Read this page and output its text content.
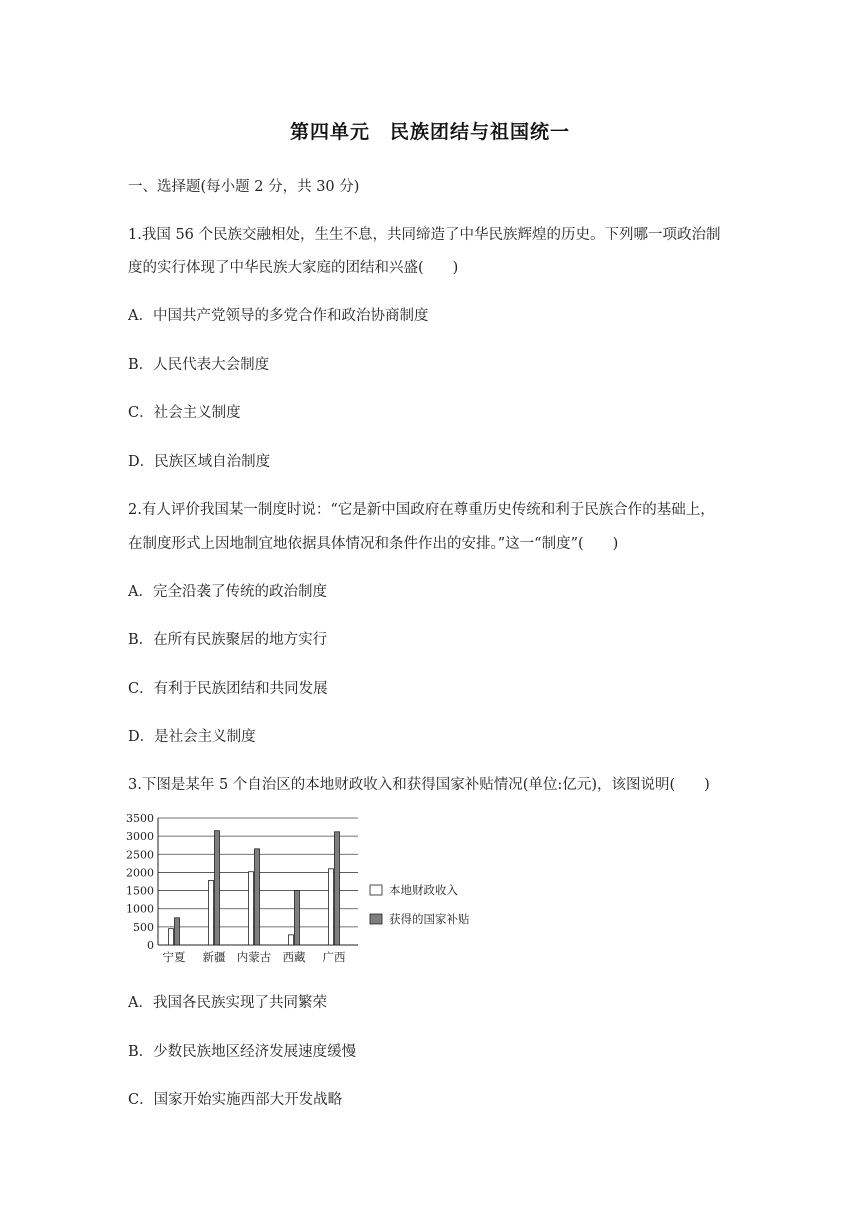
第四单元　民族团结与祖国统一
一、选择题(每小题 2 分，共 30 分)
1.我国 56 个民族交融相处，生生不息，共同缔造了中华民族辉煌的历史。下列哪一项政治制
度的实行体现了中华民族大家庭的团结和兴盛(　　)
A．中国共产党领导的多党合作和政治协商制度
B．人民代表大会制度
C．社会主义制度
D．民族区域自治制度
2.有人评价我国某一制度时说：“它是新中国政府在尊重历史传统和利于民族合作的基础上，
在制度形式上因地制宜地依据具体情况和条件作出的安排。”这一“制度”(　　)
A．完全沿袭了传统的政治制度
B．在所有民族聚居的地方实行
C．有利于民族团结和共同发展
D．是社会主义制度
3.下图是某年 5 个自治区的本地财政收入和获得国家补贴情况(单位:亿元)，该图说明(　　)
0
500
1000
1500
2000
2500
3000
3500
宁夏 新疆 内蒙古 西藏 广西
本地财政收入
获得的国家补贴
A．我国各民族实现了共同繁荣
B．少数民族地区经济发展速度缓慢
C．国家开始实施西部大开发战略
